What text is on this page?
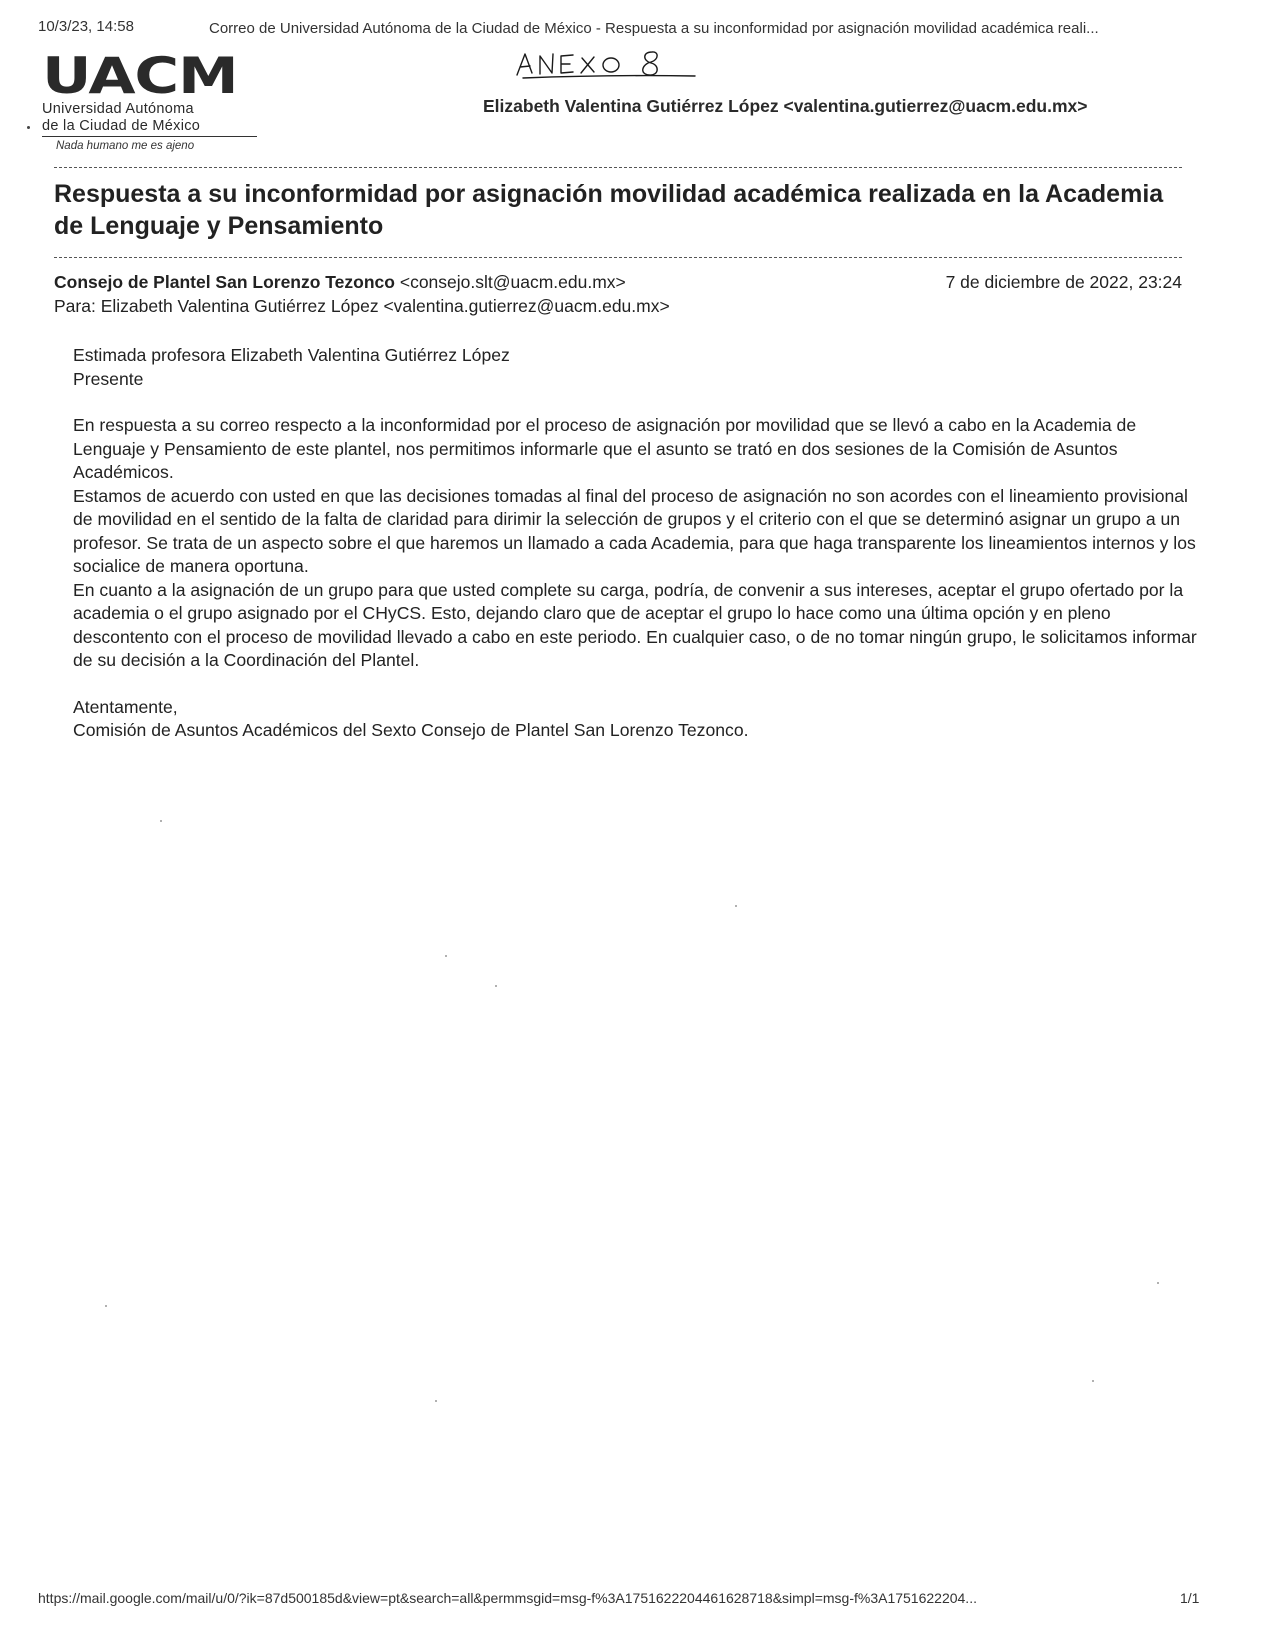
10/3/23, 14:58	Correo de Universidad Autónoma de la Ciudad de México - Respuesta a su inconformidad por asignación movilidad académica reali...
UACM
Universidad Autónoma
de la Ciudad de México
Nada humano me es ajeno
Elizabeth Valentina Gutiérrez López <valentina.gutierrez@uacm.edu.mx>
Respuesta a su inconformidad por asignación movilidad académica realizada en la Academia de Lenguaje y Pensamiento
Consejo de Plantel San Lorenzo Tezonco <consejo.slt@uacm.edu.mx>	7 de diciembre de 2022, 23:24
Para: Elizabeth Valentina Gutiérrez López <valentina.gutierrez@uacm.edu.mx>

Estimada profesora Elizabeth Valentina Gutiérrez López

Presente

En respuesta a su correo respecto a la inconformidad por el proceso de asignación por movilidad que se llevó a cabo en la Academia de Lenguaje y Pensamiento de este plantel, nos permitimos informarle que el asunto se trató en dos sesiones de la Comisión de Asuntos Académicos.

Estamos de acuerdo con usted en que las decisiones tomadas al final del proceso de asignación no son acordes con el lineamiento provisional de movilidad en el sentido de la falta de claridad para dirimir la selección de grupos y el criterio con el que se determinó asignar un grupo a un profesor. Se trata de un aspecto sobre el que haremos un llamado a cada Academia, para que haga transparente los lineamientos internos y los socialice de manera oportuna.

En cuanto a la asignación de un grupo para que usted complete su carga, podría, de convenir a sus intereses, aceptar el grupo ofertado por la academia o el grupo asignado por el CHyCS. Esto, dejando claro que de aceptar el grupo lo hace como una última opción y en pleno descontento con el proceso de movilidad llevado a cabo en este periodo. En cualquier caso, o de no tomar ningún grupo, le solicitamos informar de su decisión a la Coordinación del Plantel.

Atentamente,

Comisión de Asuntos Académicos del Sexto Consejo de Plantel San Lorenzo Tezonco.

https://mail.google.com/mail/u/0/?ik=87d500185d&view=pt&search=all&permmsgid=msg-f%3A1751622204461628718&simpl=msg-f%3A1751622204...	1/1
